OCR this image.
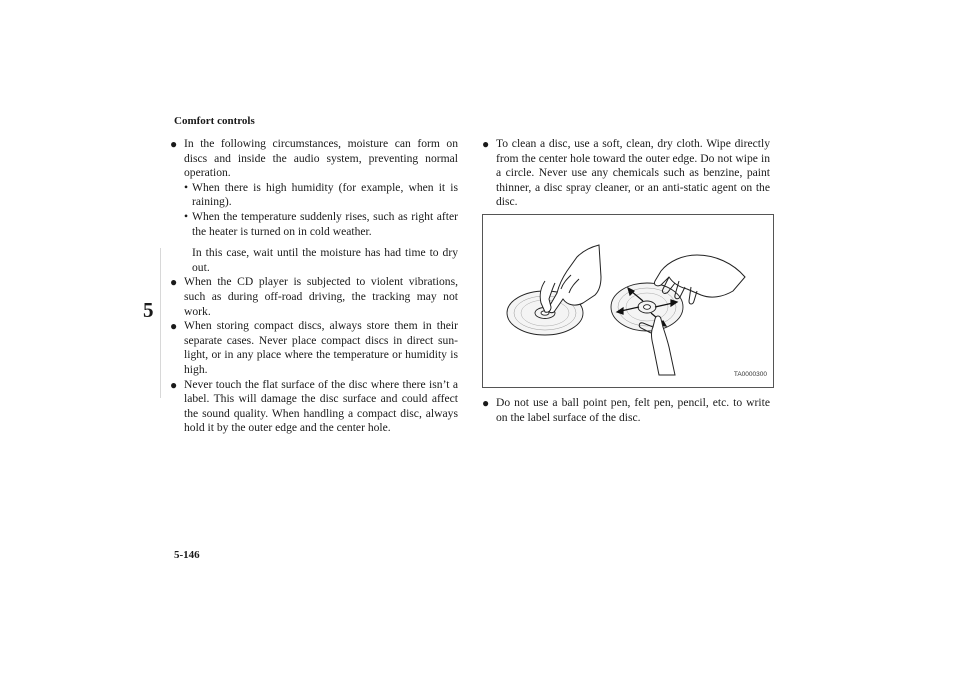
Comfort controls
5
● In the following circumstances, moisture can form on discs and inside the audio system, preventing normal operation.
• When there is high humidity (for example, when it is raining).
• When the temperature suddenly rises, such as right after the heater is turned on in cold weather.
In this case, wait until the moisture has had time to dry out.
● When the CD player is subjected to violent vibrations, such as during off-road driving, the tracking may not work.
● When storing compact discs, always store them in their separate cases. Never place compact discs in direct sun-light, or in any place where the temperature or humidity is high.
● Never touch the flat surface of the disc where there isn’t a label. This will damage the disc surface and could affect the sound quality. When handling a compact disc, always hold it by the outer edge and the center hole.
● To clean a disc, use a soft, clean, dry cloth. Wipe directly from the center hole toward the outer edge. Do not wipe in a circle. Never use any chemicals such as benzine, paint thinner, a disc spray cleaner, or an anti-static agent on the disc.
TA0000300
● Do not use a ball point pen, felt pen, pencil, etc. to write on the label surface of the disc.
5-146
